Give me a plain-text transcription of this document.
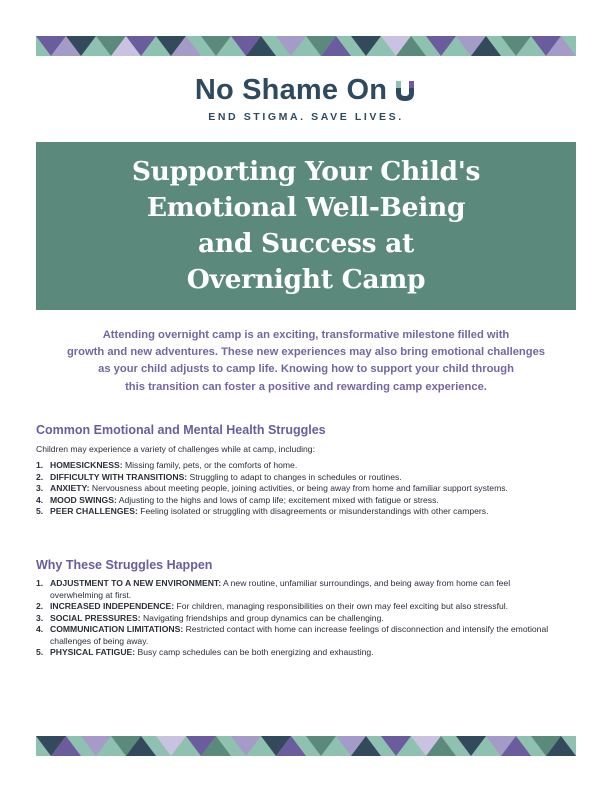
No Shame On
END STIGMA. SAVE LIVES.
Supporting Your Child's
Emotional Well-Being
and Success at
Overnight Camp
Attending overnight camp is an exciting, transformative milestone filled with
growth and new adventures. These new experiences may also bring emotional challenges
as your child adjusts to camp life. Knowing how to support your child through
this transition can foster a positive and rewarding camp experience.
Common Emotional and Mental Health Struggles
Children may experience a variety of challenges while at camp, including:
1. HOMESICKNESS: Missing family, pets, or the comforts of home.
2. DIFFICULTY WITH TRANSITIONS: Struggling to adapt to changes in schedules or routines.
3. ANXIETY: Nervousness about meeting people, joining activities, or being away from home and familiar support systems.
4. MOOD SWINGS: Adjusting to the highs and lows of camp life; excitement mixed with fatigue or stress.
5. PEER CHALLENGES: Feeling isolated or struggling with disagreements or misunderstandings with other campers.
Why These Struggles Happen
1. ADJUSTMENT TO A NEW ENVIRONMENT: A new routine, unfamiliar surroundings, and being away from home can feel overwhelming at first.
2. INCREASED INDEPENDENCE: For children, managing responsibilities on their own may feel exciting but also stressful.
3. SOCIAL PRESSURES: Navigating friendships and group dynamics can be challenging.
4. COMMUNICATION LIMITATIONS: Restricted contact with home can increase feelings of disconnection and intensify the emotional challenges of being away.
5. PHYSICAL FATIGUE: Busy camp schedules can be both energizing and exhausting.
